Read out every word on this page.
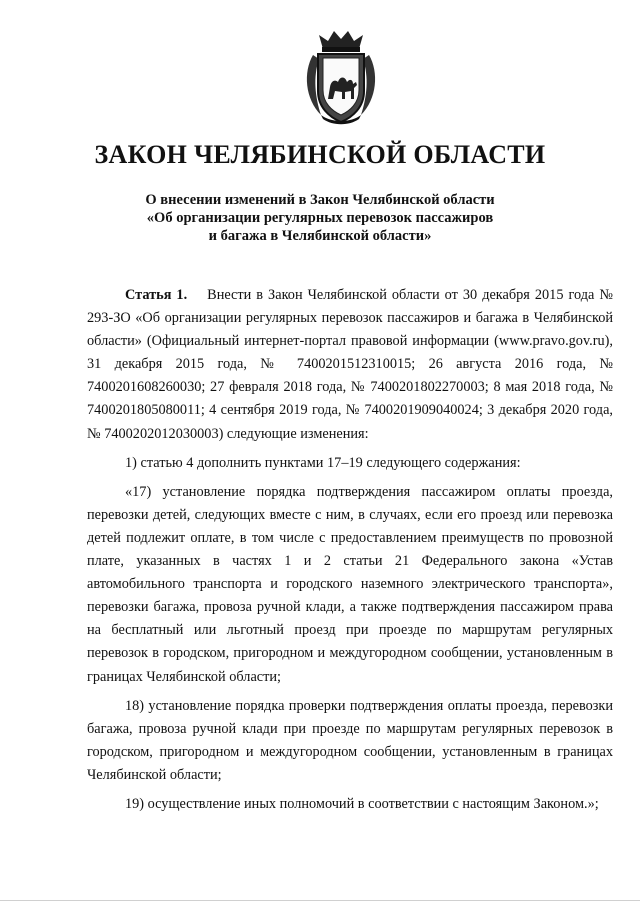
ЗАКОН ЧЕЛЯБИНСКОЙ ОБЛАСТИ
О внесении изменений в Закон Челябинской области
«Об организации регулярных перевозок пассажиров
и багажа в Челябинской области»

Статья 1. Внести в Закон Челябинской области от 30 декабря 2015 года № 293-ЗО «Об организации регулярных перевозок пассажиров и багажа в Челябинской области» (Официальный интернет-портал правовой информации (www.pravo.gov.ru), 31 декабря 2015 года, № 7400201512310015; 26 августа 2016 года, № 7400201608260030; 27 февраля 2018 года, № 7400201802270003; 8 мая 2018 года, № 7400201805080011; 4 сентября 2019 года, № 7400201909040024; 3 декабря 2020 года, № 7400202012030003) следующие изменения:

1) статью 4 дополнить пунктами 17–19 следующего содержания:

«17) установление порядка подтверждения пассажиром оплаты проезда, перевозки детей, следующих вместе с ним, в случаях, если его проезд или перевозка детей подлежит оплате, в том числе с предоставлением преимуществ по провозной плате, указанных в частях 1 и 2 статьи 21 Федерального закона «Устав автомобильного транспорта и городского наземного электрического транспорта», перевозки багажа, провоза ручной клади, а также подтверждения пассажиром права на бесплатный или льготный проезд при проезде по маршрутам регулярных перевозок в городском, пригородном и междугородном сообщении, установленным в границах Челябинской области;

18) установление порядка проверки подтверждения оплаты проезда, перевозки багажа, провоза ручной клади при проезде по маршрутам регулярных перевозок в городском, пригородном и междугородном сообщении, установленным в границах Челябинской области;

19) осуществление иных полномочий в соответствии с настоящим Законом.»;
